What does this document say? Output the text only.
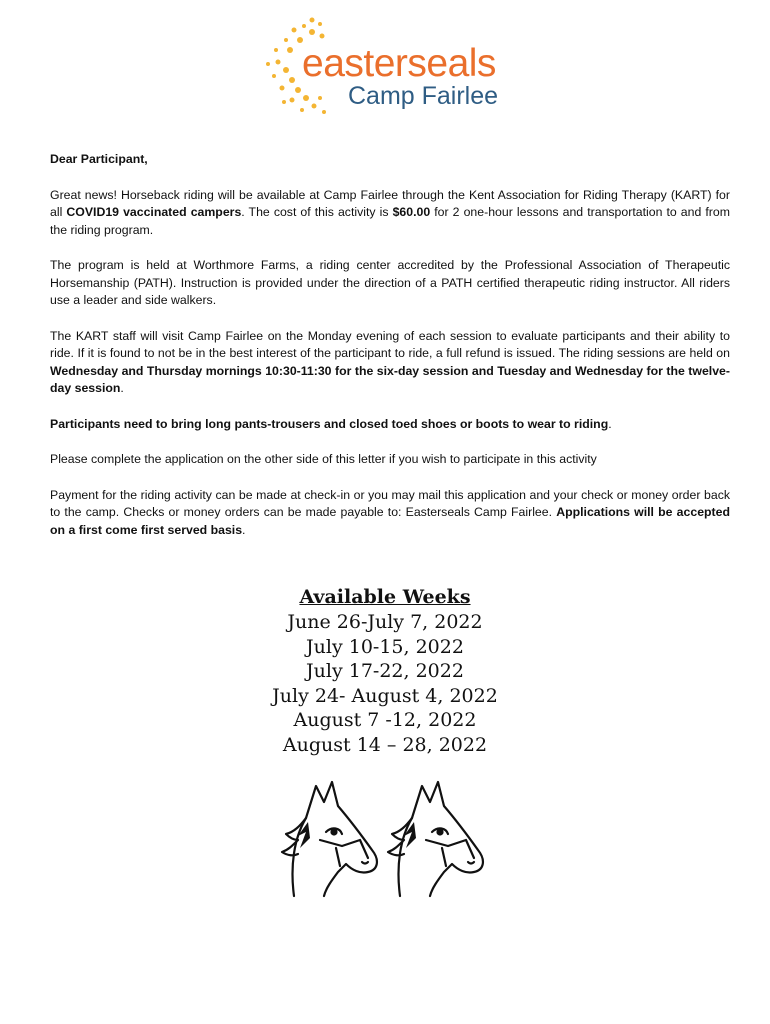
easterseals
Camp Fairlee

Dear Participant,

Great news! Horseback riding will be available at Camp Fairlee through the Kent Association for Riding Therapy (KART) for all COVID19 vaccinated campers. The cost of this activity is $60.00 for 2 one-hour lessons and transportation to and from the riding program.

The program is held at Worthmore Farms, a riding center accredited by the Professional Association of Therapeutic Horsemanship (PATH). Instruction is provided under the direction of a PATH certified therapeutic riding instructor. All riders use a leader and side walkers.

The KART staff will visit Camp Fairlee on the Monday evening of each session to evaluate participants and their ability to ride. If it is found to not be in the best interest of the participant to ride, a full refund is issued. The riding sessions are held on Wednesday and Thursday mornings 10:30-11:30 for the six-day session and Tuesday and Wednesday for the twelve-day session.

Participants need to bring long pants-trousers and closed toed shoes or boots to wear to riding.

Please complete the application on the other side of this letter if you wish to participate in this activity

Payment for the riding activity can be made at check-in or you may mail this application and your check or money order back to the camp. Checks or money orders can be made payable to: Easterseals Camp Fairlee. Applications will be accepted on a first come first served basis.

Available Weeks
June 26-July 7, 2022
July 10-15, 2022
July 17-22, 2022
July 24- August 4, 2022
August 7 -12, 2022
August 14 – 28, 2022
